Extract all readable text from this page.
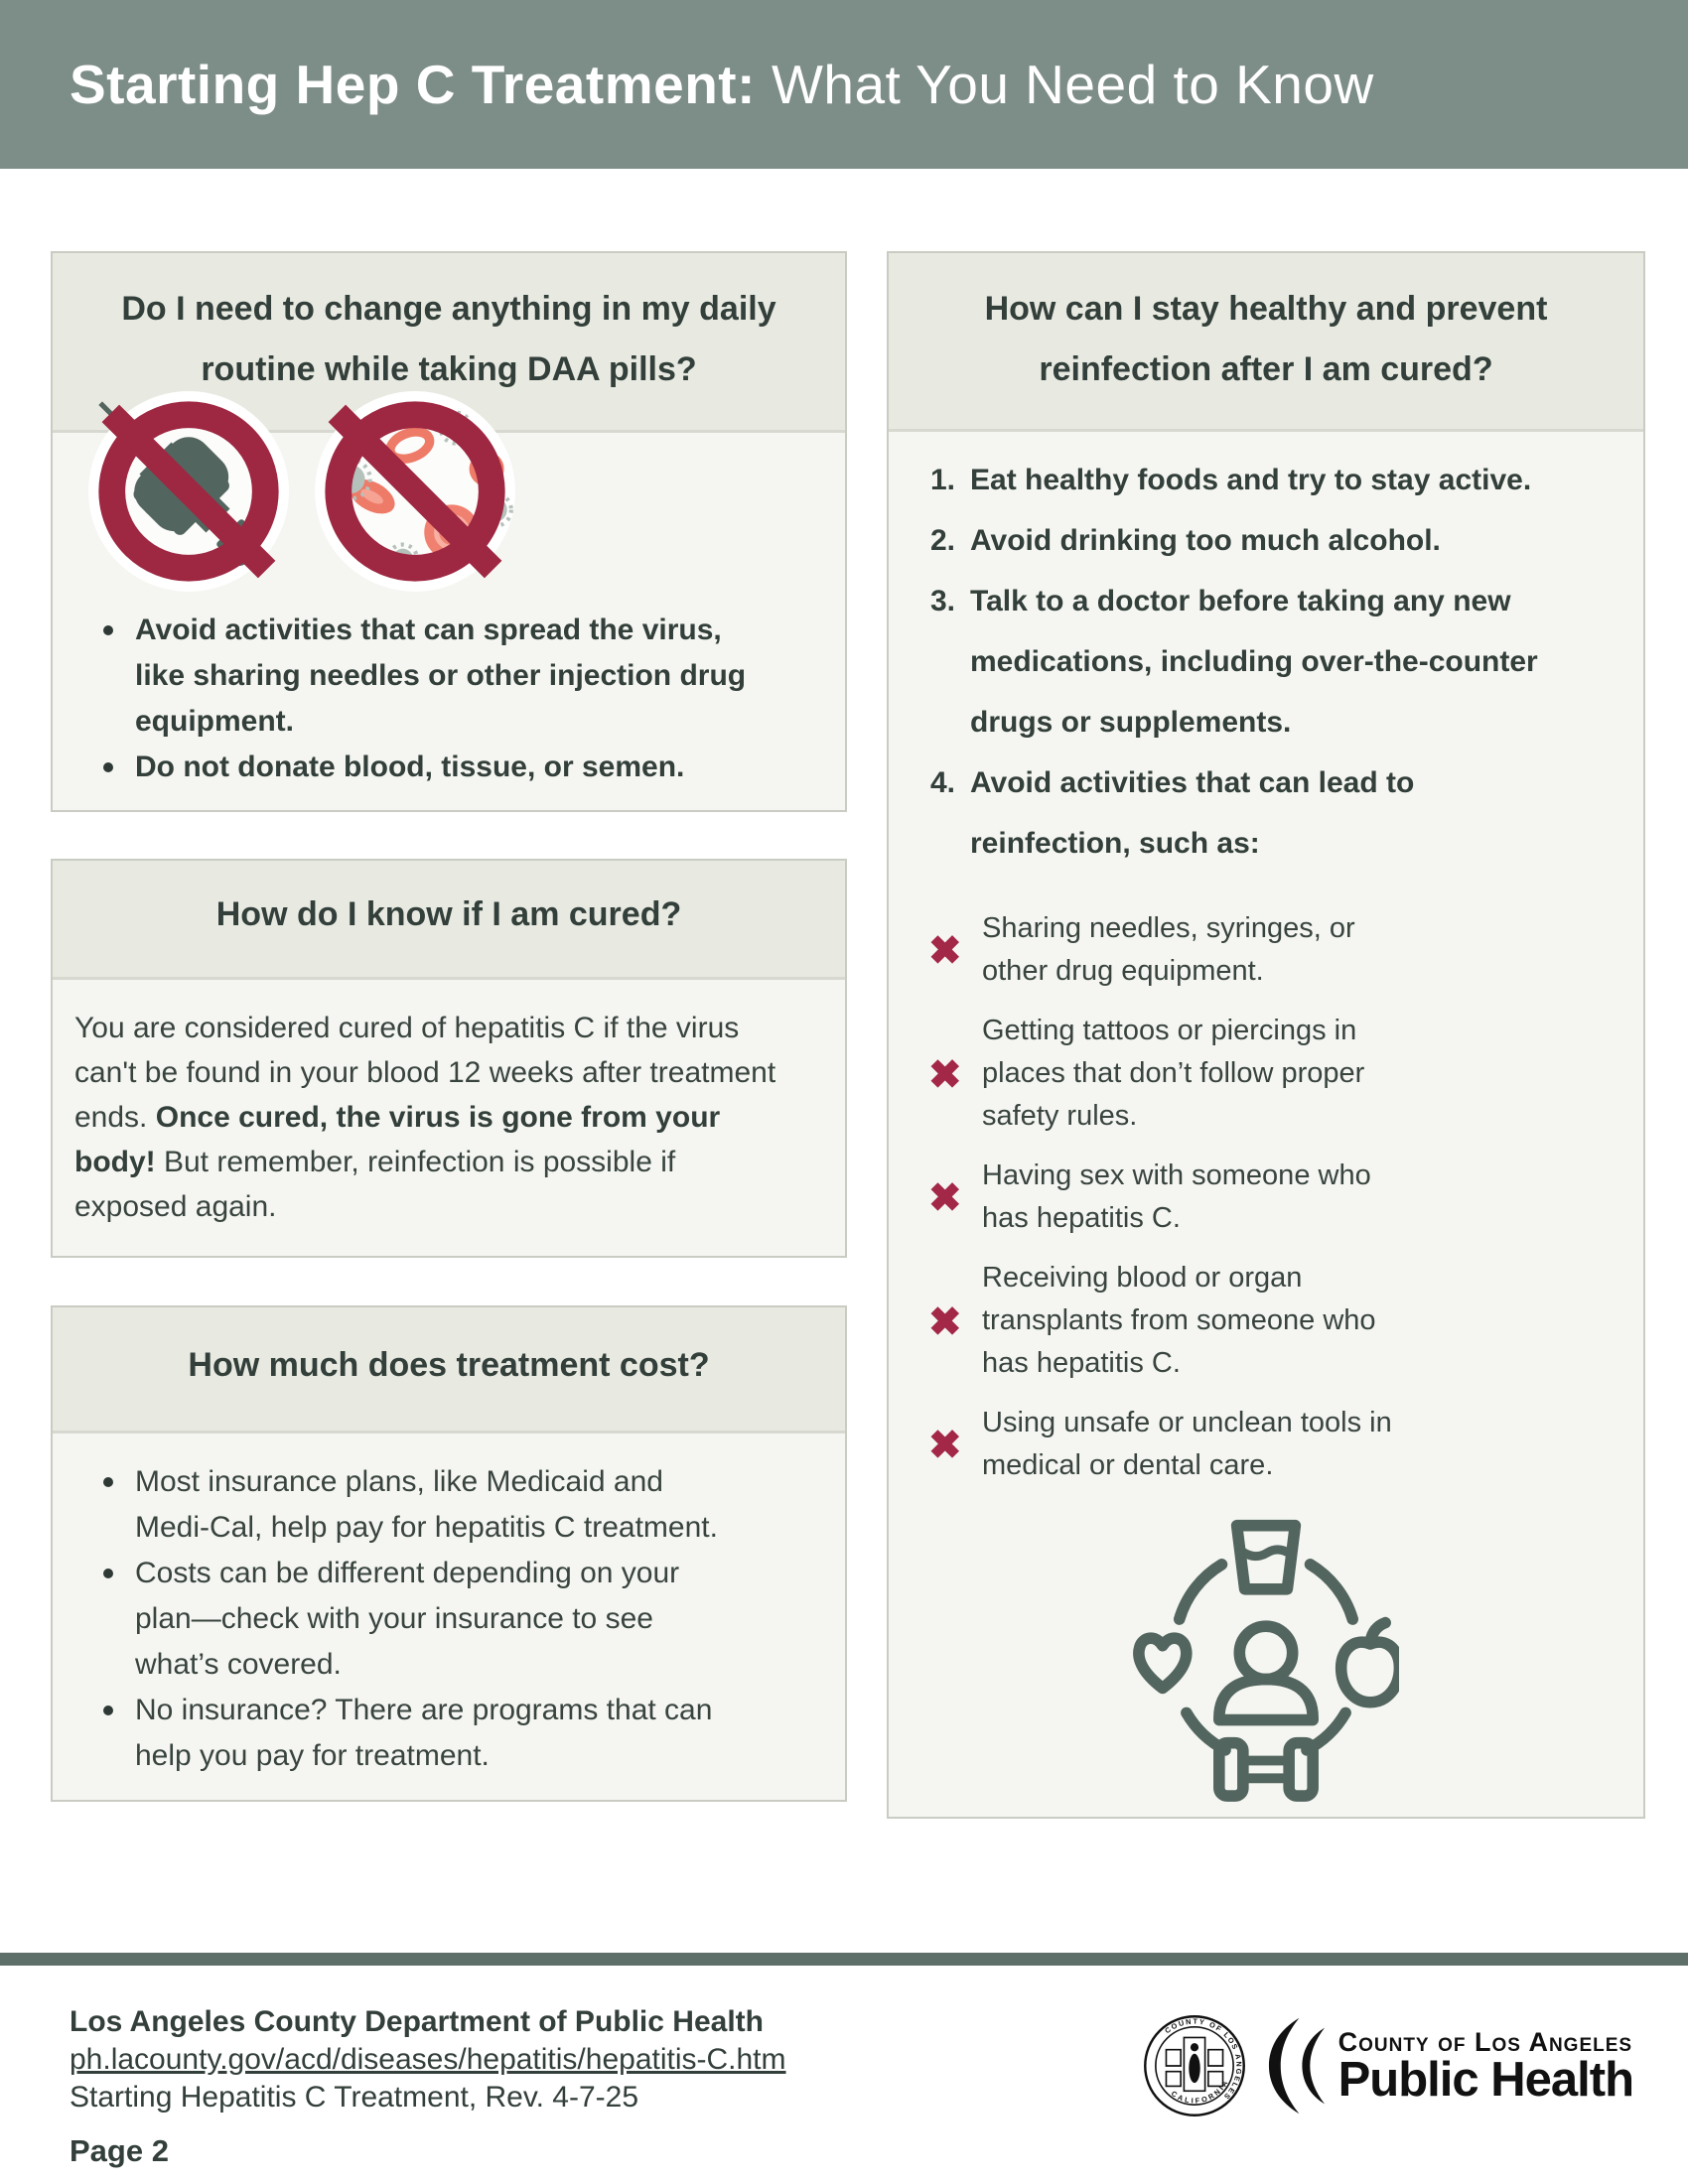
Starting Hep C Treatment: What You Need to Know
Do I need to change anything in my daily routine while taking DAA pills?
Avoid activities that can spread the virus,
like sharing needles or other injection drug
equipment.
Do not donate blood, tissue, or semen.
How do I know if I am cured?

You are considered cured of hepatitis C if the virus can't be found in your blood 12 weeks after treatment ends. Once cured, the virus is gone from your body! But remember, reinfection is possible if exposed again.

How much does treatment cost?
Most insurance plans, like Medicaid and
Medi-Cal, help pay for hepatitis C treatment.
Costs can be different depending on your
plan—check with your insurance to see
what’s covered.
No insurance? There are programs that can
help you pay for treatment.
How can I stay healthy and prevent reinfection after I am cured?
1. Eat healthy foods and try to stay active.
2. Avoid drinking too much alcohol.
3. Talk to a doctor before taking any new
medications, including over-the-counter
drugs or supplements.
4. Avoid activities that can lead to
reinfection, such as:
✖
Sharing needles, syringes, or
other drug equipment.
✖
Getting tattoos or piercings in
places that don’t follow proper
safety rules.
✖
Having sex with someone who
has hepatitis C.
✖
Receiving blood or organ
transplants from someone who
has hepatitis C.
✖
Using unsafe or unclean tools in
medical or dental care.
Los Angeles County Department of Public Health
ph.lacounty.gov/acd/diseases/hepatitis/hepatitis-C.htm
Starting Hepatitis C Treatment, Rev. 4-7-25
Page 2
COUNTY OF LOS ANGELES
CALIFORNIA
County of Los Angeles
Public Health
